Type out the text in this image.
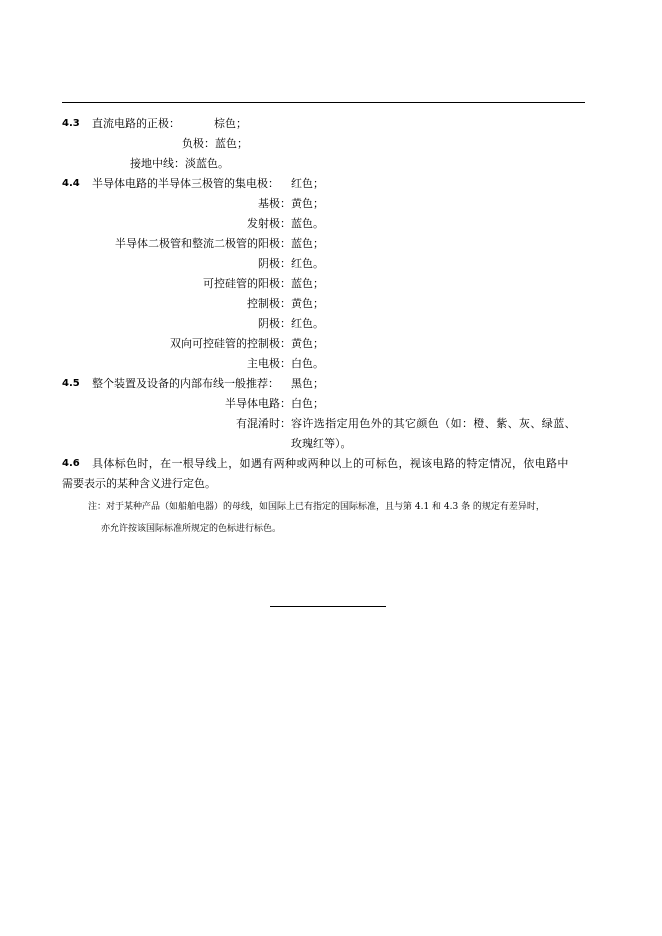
4.3	直流电路的正极：	棕色；
负极： 蓝色；
接地中线： 淡蓝色。
4.4	半导体电路的半导体三极管的集电极：	红色；
基极： 黄色；
发射极： 蓝色。
半导体二极管和整流二极管的阳极： 蓝色；
阴极： 红色。
可控硅管的阳极： 蓝色；
控制极： 黄色；
阴极： 红色。
双向可控硅管的控制极： 黄色；
主电极： 白色。
4.5	整个装置及设备的内部布线一般推荐：	黑色；
半导体电路： 白色；
有混淆时： 容许选指定用色外的其它颜色（如：橙、紫、灰、绿蓝、
玫瑰红等）。
4.6	具体标色时，在一根导线上，如遇有两种或两种以上的可标色，视该电路的特定情况，依电路中
需要表示的某种含义进行定色。
注：对于某种产品（如船舶电器）的母线，如国际上已有指定的国际标准，且与第 4.1 和 4.3 条 的规定有差异时，
亦允许按该国际标准所规定的色标进行标色。
